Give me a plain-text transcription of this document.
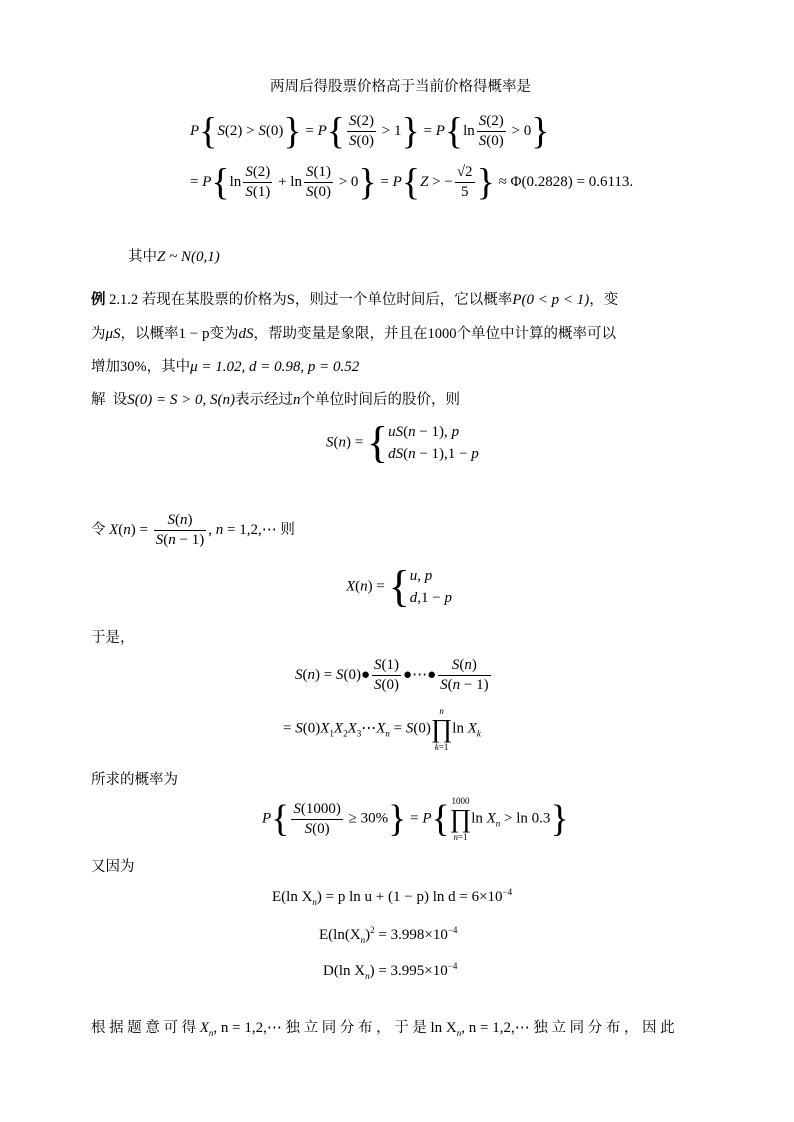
两周后得股票价格高于当前价格得概率是
$P\{S(2) > S(0)\} = P\{ \frac{S(2)}{S(0)} > 1\} = P\{\ln \frac{S(2)}{S(0)} > 0\}$
= $P\{\ln \frac{S(2)}{S(1)} + \ln \frac{S(1)}{S(0)} > 0\} = P\{Z$ > − $\frac{√2}{5}$ } ≈ Φ(0.2828) = 0.6113.
其中Z ~ N(0,1)
例 2.1.2 若现在某股票的价格为S，则过一个单位时间后，它以概率P(0 < p < 1)，变
为μS，以概率1 − p变为dS，帮助变量是象限，并且在1000个单位中计算的概率可以
增加30%，其中μ = 1.02, d = 0.98, p = 0.52
解 设S(0) = S > 0, S(n)表示经过n个单位时间后的股价，则
S(n) = { uS(n − 1), p
dS(n − 1),1 − p
令 $X(n) = \frac{S(n)}{S(n - 1)}$ , n = 1,2,⋯ 则
X(n) = { u, p
d,1 − p
于是，
S(n) = S(0)● $\frac{S(1)}{S(0)}$ ●⋯● $\frac{S(n)}{S(n - 1)}$
= $S(0)X_1X_2X_3\cdots X_n = S(0)$
n
∏
k=1
$\ln X_k$
所求的概率为
$P\{ \frac{S(1000)}{S(0)} \ge 30\%\} = P${ 1000
∏
n=1
$\ln X_n > \ln 0.3$}
又因为
E(ln $X_n) = p$ ln u + (1 − p) $\ln d = 6\times 10^{-4}$
$E(\ln(X_n)^2 = 3.998\times 10^{-4}$
D(ln $X_n) = 3.995\times 10^{-4}$
根 据 题 意 可 得 $X_n$, n = 1,2,⋯ 独 立 同 分 布 ， 于 是 $\ln X_n$, n = 1,2,⋯ 独 立 同 分 布 ， 因 此
